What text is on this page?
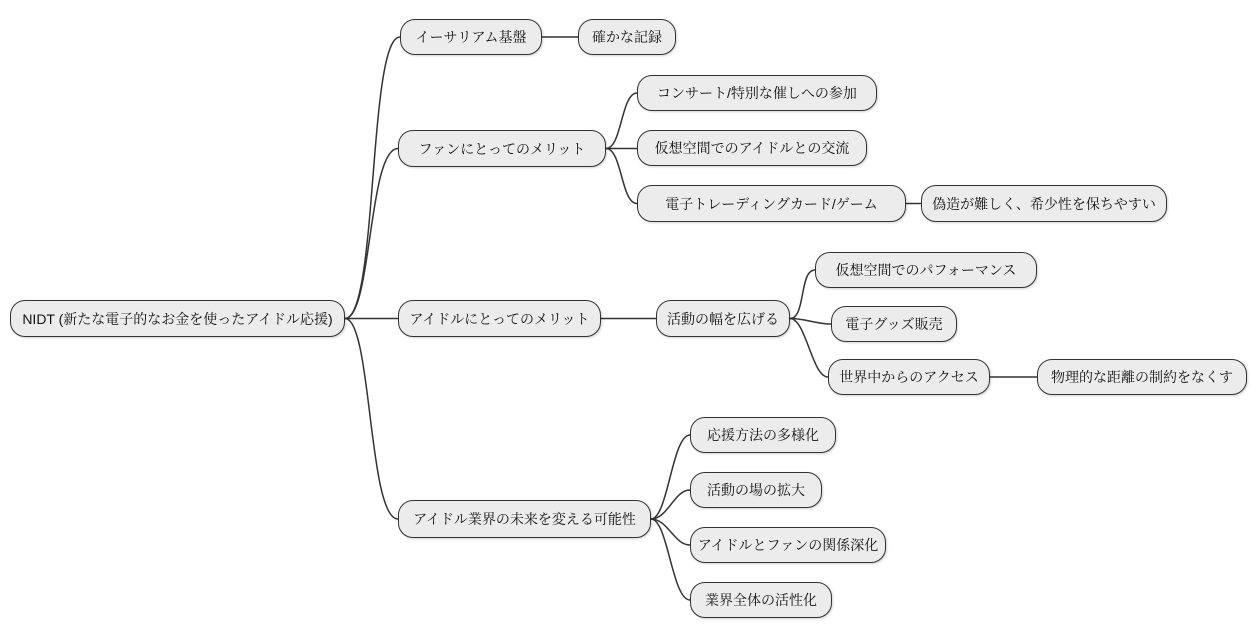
NIDT (新たな電子的なお金を使ったアイドル応援)
イーサリアム基盤	確かな記録
ファンにとってのメリット
コンサート/特別な催しへの参加
仮想空間でのアイドルとの交流
電子トレーディングカード/ゲーム	偽造が難しく、希少性を保ちやすい
アイドルにとってのメリット	活動の幅を広げる
仮想空間でのパフォーマンス
電子グッズ販売
世界中からのアクセス	物理的な距離の制約をなくす
アイドル業界の未来を変える可能性
応援方法の多様化
活動の場の拡大
アイドルとファンの関係深化
業界全体の活性化
